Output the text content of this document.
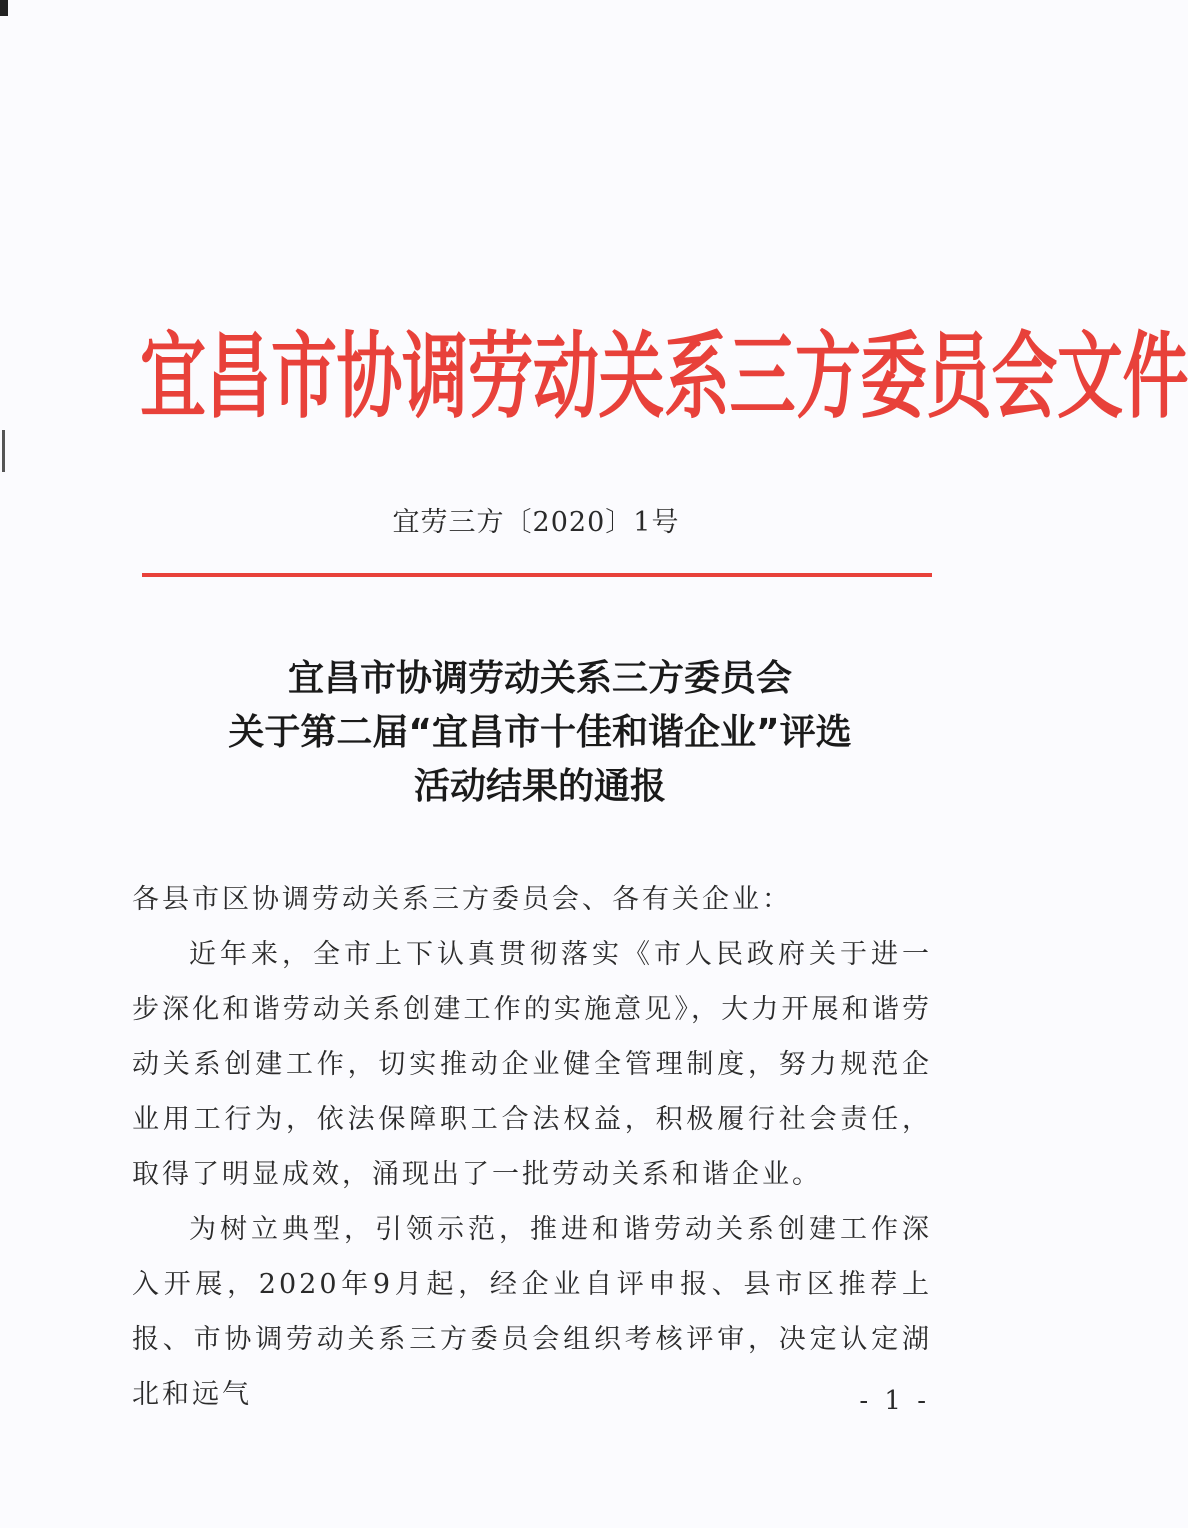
宜昌市协调劳动关系三方委员会文件
宜劳三方〔2020〕1号
宜昌市协调劳动关系三方委员会
关于第二届“宜昌市十佳和谐企业”评选
活动结果的通报

各县市区协调劳动关系三方委员会、各有关企业：

近年来，全市上下认真贯彻落实《市人民政府关于进一步深化和谐劳动关系创建工作的实施意见》，大力开展和谐劳动关系创建工作，切实推动企业健全管理制度，努力规范企业用工行为，依法保障职工合法权益，积极履行社会责任，取得了明显成效，涌现出了一批劳动关系和谐企业。

为树立典型，引领示范，推进和谐劳动关系创建工作深入开展，2020年9月起，经企业自评申报、县市区推荐上报、市协调劳动关系三方委员会组织考核评审，决定认定湖北和远气	- 1 -
